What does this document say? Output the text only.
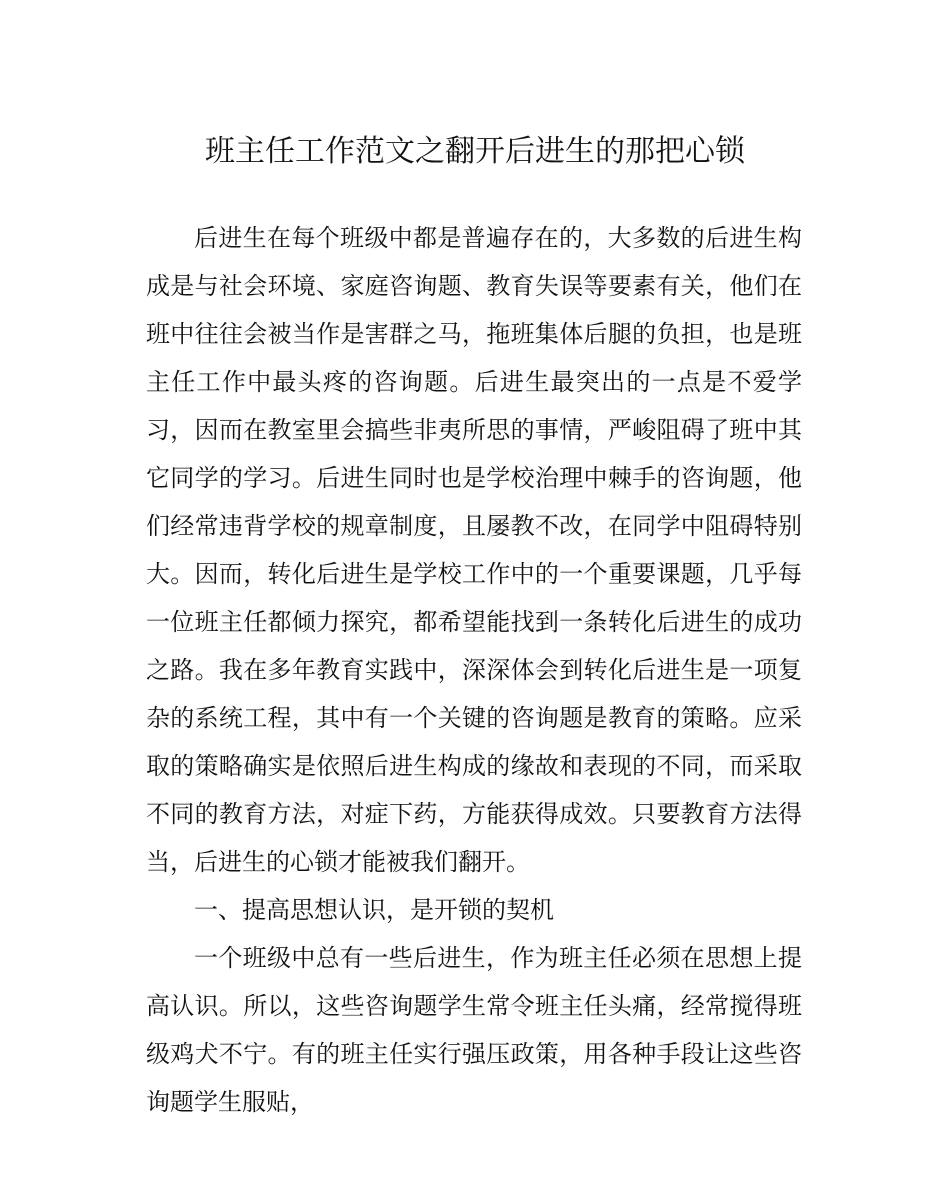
班主任工作范文之翻开后进生的那把心锁

后进生在每个班级中都是普遍存在的，大多数的后进生构成是与社会环境、家庭咨询题、教育失误等要素有关，他们在班中往往会被当作是害群之马，拖班集体后腿的负担，也是班主任工作中最头疼的咨询题。后进生最突出的一点是不爱学习，因而在教室里会搞些非夷所思的事情，严峻阻碍了班中其它同学的学习。后进生同时也是学校治理中棘手的咨询题，他们经常违背学校的规章制度，且屡教不改，在同学中阻碍特别大。因而，转化后进生是学校工作中的一个重要课题，几乎每一位班主任都倾力探究，都希望能找到一条转化后进生的成功之路。我在多年教育实践中，深深体会到转化后进生是一项复杂的系统工程，其中有一个关键的咨询题是教育的策略。应采取的策略确实是依照后进生构成的缘故和表现的不同，而采取不同的教育方法，对症下药，方能获得成效。只要教育方法得当，后进生的心锁才能被我们翻开。

一、提高思想认识，是开锁的契机

一个班级中总有一些后进生，作为班主任必须在思想上提高认识。所以，这些咨询题学生常令班主任头痛，经常搅得班级鸡犬不宁。有的班主任实行强压政策，用各种手段让这些咨询题学生服贴，
